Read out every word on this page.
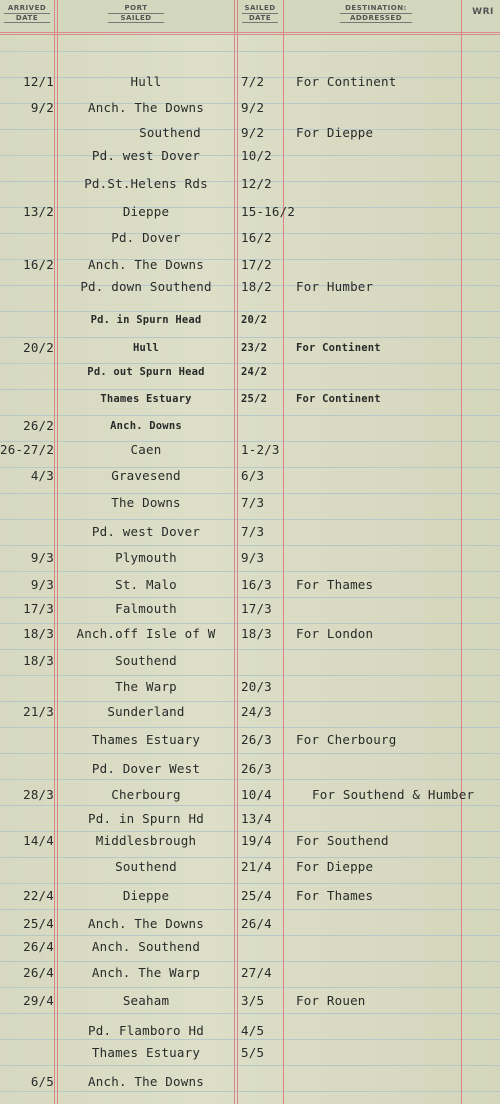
ARRIVED
DATE
PORT
SAILED
SAILED
DATE
DESTINATION:
ADDRESSED
WRI
12/1	Hull	7/2	For Continent
9/2	Anch. The Downs	9/2
Southend	9/2	For Dieppe
Pd. west Dover	10/2
Pd.St.Helens Rds	12/2
13/2	Dieppe	15-16/2
Pd. Dover	16/2
16/2	Anch. The Downs	17/2
Pd. down Southend	18/2	For Humber
Pd. in Spurn Head	20/2
20/2	Hull	23/2	For Continent
Pd. out Spurn Head	24/2
Thames Estuary	25/2	For Continent
26/2	Anch. Downs
26-27/2	Caen	1-2/3
4/3	Gravesend	6/3
The Downs	7/3
Pd. west Dover	7/3
9/3	Plymouth	9/3
9/3	St. Malo	16/3	For Thames
17/3	Falmouth	17/3
18/3	Anch.off Isle of W	18/3	For London
18/3	Southend
The Warp	20/3
21/3	Sunderland	24/3
Thames Estuary	26/3	For Cherbourg
Pd. Dover West	26/3
28/3	Cherbourg	10/4	For Southend & Humber
Pd. in Spurn Hd	13/4
14/4	Middlesbrough	19/4	For Southend
Southend	21/4	For Dieppe
22/4	Dieppe	25/4	For Thames
25/4	Anch. The Downs	26/4
26/4	Anch. Southend
26/4	Anch. The Warp	27/4
29/4	Seaham	3/5	For Rouen
Pd. Flamboro Hd	4/5
Thames Estuary	5/5
6/5	Anch. The Downs
